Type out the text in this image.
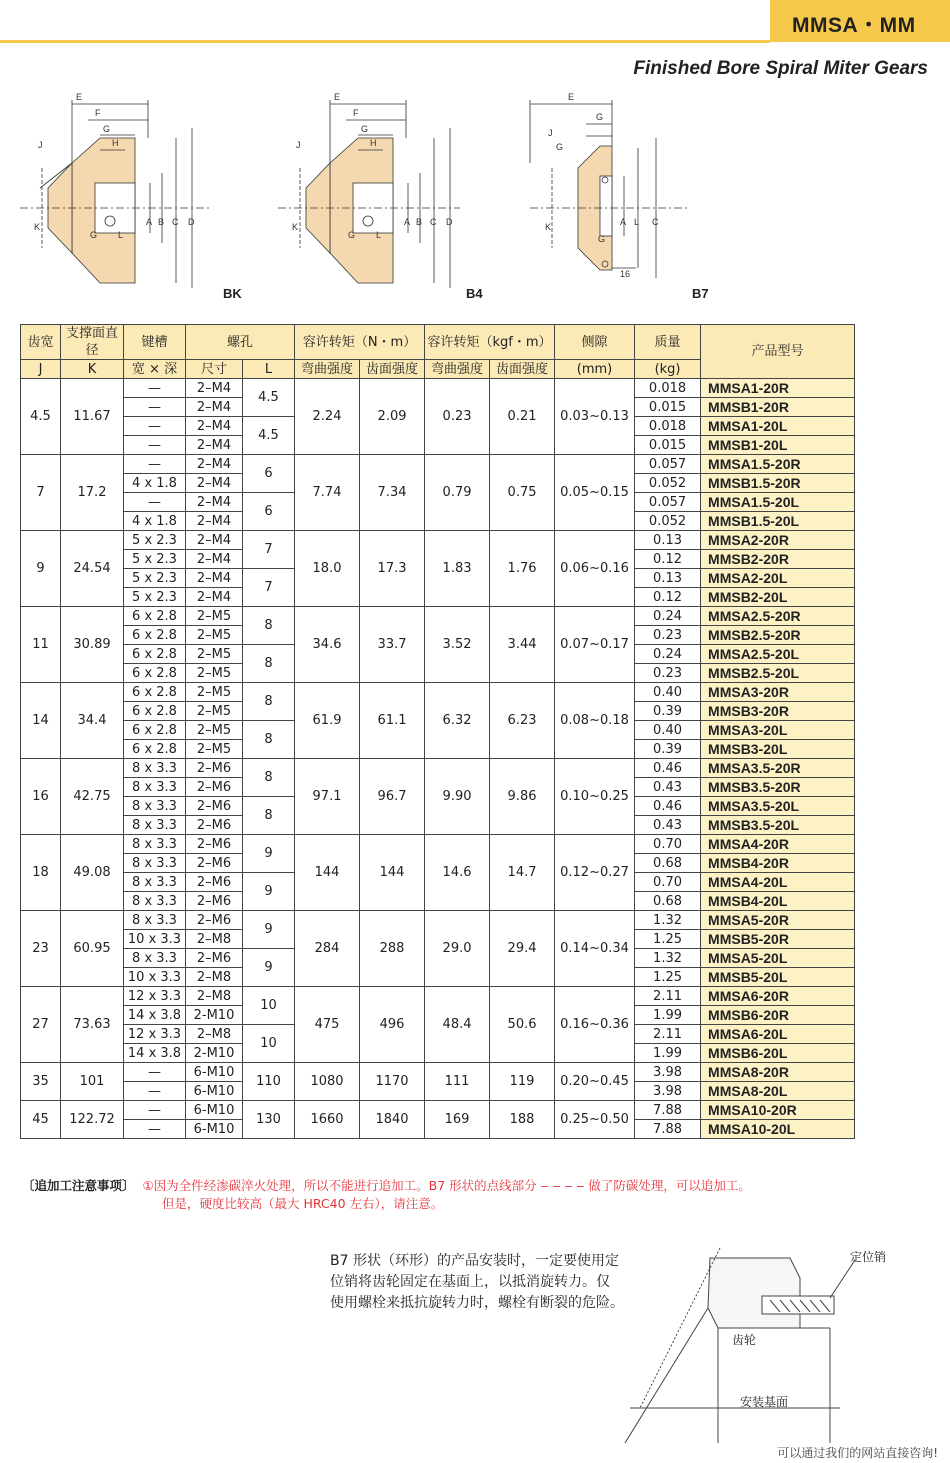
MMSA・MM
Finished Bore Spiral Miter Gears
E
F
G
H
A B C D
J
K
G L
E
F
G
H
A B C D
J
K
G L
E
G
A L C
J
G
K
G
16
BK	B4	B7
齿宽	支撑面直径	键槽	螺孔		容许转矩（N・m）		容许转矩（kgf・m）		侧隙	质量	产品型号
J	K	宽 × 深	尺寸	L	弯曲强度	齿面强度	弯曲强度	齿面强度	(mm)	(kg)	
4.5	11.67	—	2–M4	4.5	2.24	2.09	0.23	0.21	0.03~0.13	0.018	MMSA1-20R
		—	2–M4							0.015	MMSB1-20R
		—	2–M4	4.5						0.018	MMSA1-20L
		—	2–M4							0.015	MMSB1-20L
7	17.2	—	2–M4	6	7.74	7.34	0.79	0.75	0.05~0.15	0.057	MMSA1.5-20R
		4 x 1.8	2–M4							0.052	MMSB1.5-20R
		—	2–M4	6						0.057	MMSA1.5-20L
		4 x 1.8	2–M4							0.052	MMSB1.5-20L
9	24.54	5 x 2.3	2–M4	7	18.0	17.3	1.83	1.76	0.06~0.16	0.13	MMSA2-20R
		5 x 2.3	2–M4							0.12	MMSB2-20R
		5 x 2.3	2–M4	7						0.13	MMSA2-20L
		5 x 2.3	2–M4							0.12	MMSB2-20L
11	30.89	6 x 2.8	2–M5	8	34.6	33.7	3.52	3.44	0.07~0.17	0.24	MMSA2.5-20R
		6 x 2.8	2–M5							0.23	MMSB2.5-20R
		6 x 2.8	2–M5	8						0.24	MMSA2.5-20L
		6 x 2.8	2–M5							0.23	MMSB2.5-20L
14	34.4	6 x 2.8	2–M5	8	61.9	61.1	6.32	6.23	0.08~0.18	0.40	MMSA3-20R
		6 x 2.8	2–M5							0.39	MMSB3-20R
		6 x 2.8	2–M5	8						0.40	MMSA3-20L
		6 x 2.8	2–M5							0.39	MMSB3-20L
16	42.75	8 x 3.3	2–M6	8	97.1	96.7	9.90	9.86	0.10~0.25	0.46	MMSA3.5-20R
		8 x 3.3	2–M6							0.43	MMSB3.5-20R
		8 x 3.3	2–M6	8						0.46	MMSA3.5-20L
		8 x 3.3	2–M6							0.43	MMSB3.5-20L
18	49.08	8 x 3.3	2–M6	9	144	144	14.6	14.7	0.12~0.27	0.70	MMSA4-20R
		8 x 3.3	2–M6							0.68	MMSB4-20R
		8 x 3.3	2–M6	9						0.70	MMSA4-20L
		8 x 3.3	2–M6							0.68	MMSB4-20L
23	60.95	8 x 3.3	2–M6	9	284	288	29.0	29.4	0.14~0.34	1.32	MMSA5-20R
		10 x 3.3	2–M8							1.25	MMSB5-20R
		8 x 3.3	2–M6	9						1.32	MMSA5-20L
		10 x 3.3	2–M8							1.25	MMSB5-20L
27	73.63	12 x 3.3	2–M8	10	475	496	48.4	50.6	0.16~0.36	2.11	MMSA6-20R
		14 x 3.8	2-M10							1.99	MMSB6-20R
		12 x 3.3	2–M8	10						2.11	MMSA6-20L
		14 x 3.8	2-M10							1.99	MMSB6-20L
35	101	—	6-M10	110	1080	1170	111	119	0.20~0.45	3.98	MMSA8-20R
		—	6-M10							3.98	MMSA8-20L
45	122.72	—	6-M10	130	1660	1840	169	188	0.25~0.50	7.88	MMSA10-20R
		—	6-M10							7.88	MMSA10-20L
〔追加工注意事项〕 ①因为全件经渗碳淬火处理，所以不能进行追加工。B7 形状的点线部分 ‒ ‒ ‒ ‒ 做了防碳处理，可以追加工。
但是，硬度比较高（最大 HRC40 左右），请注意。
B7 形状（环形）的产品安装时，一定要使用定
位销将齿轮固定在基面上，以抵消旋转力。仅
使用螺栓来抵抗旋转力时，螺栓有断裂的危险。
定位销
齿轮
安装基面
可以通过我们的网站直接咨询!
